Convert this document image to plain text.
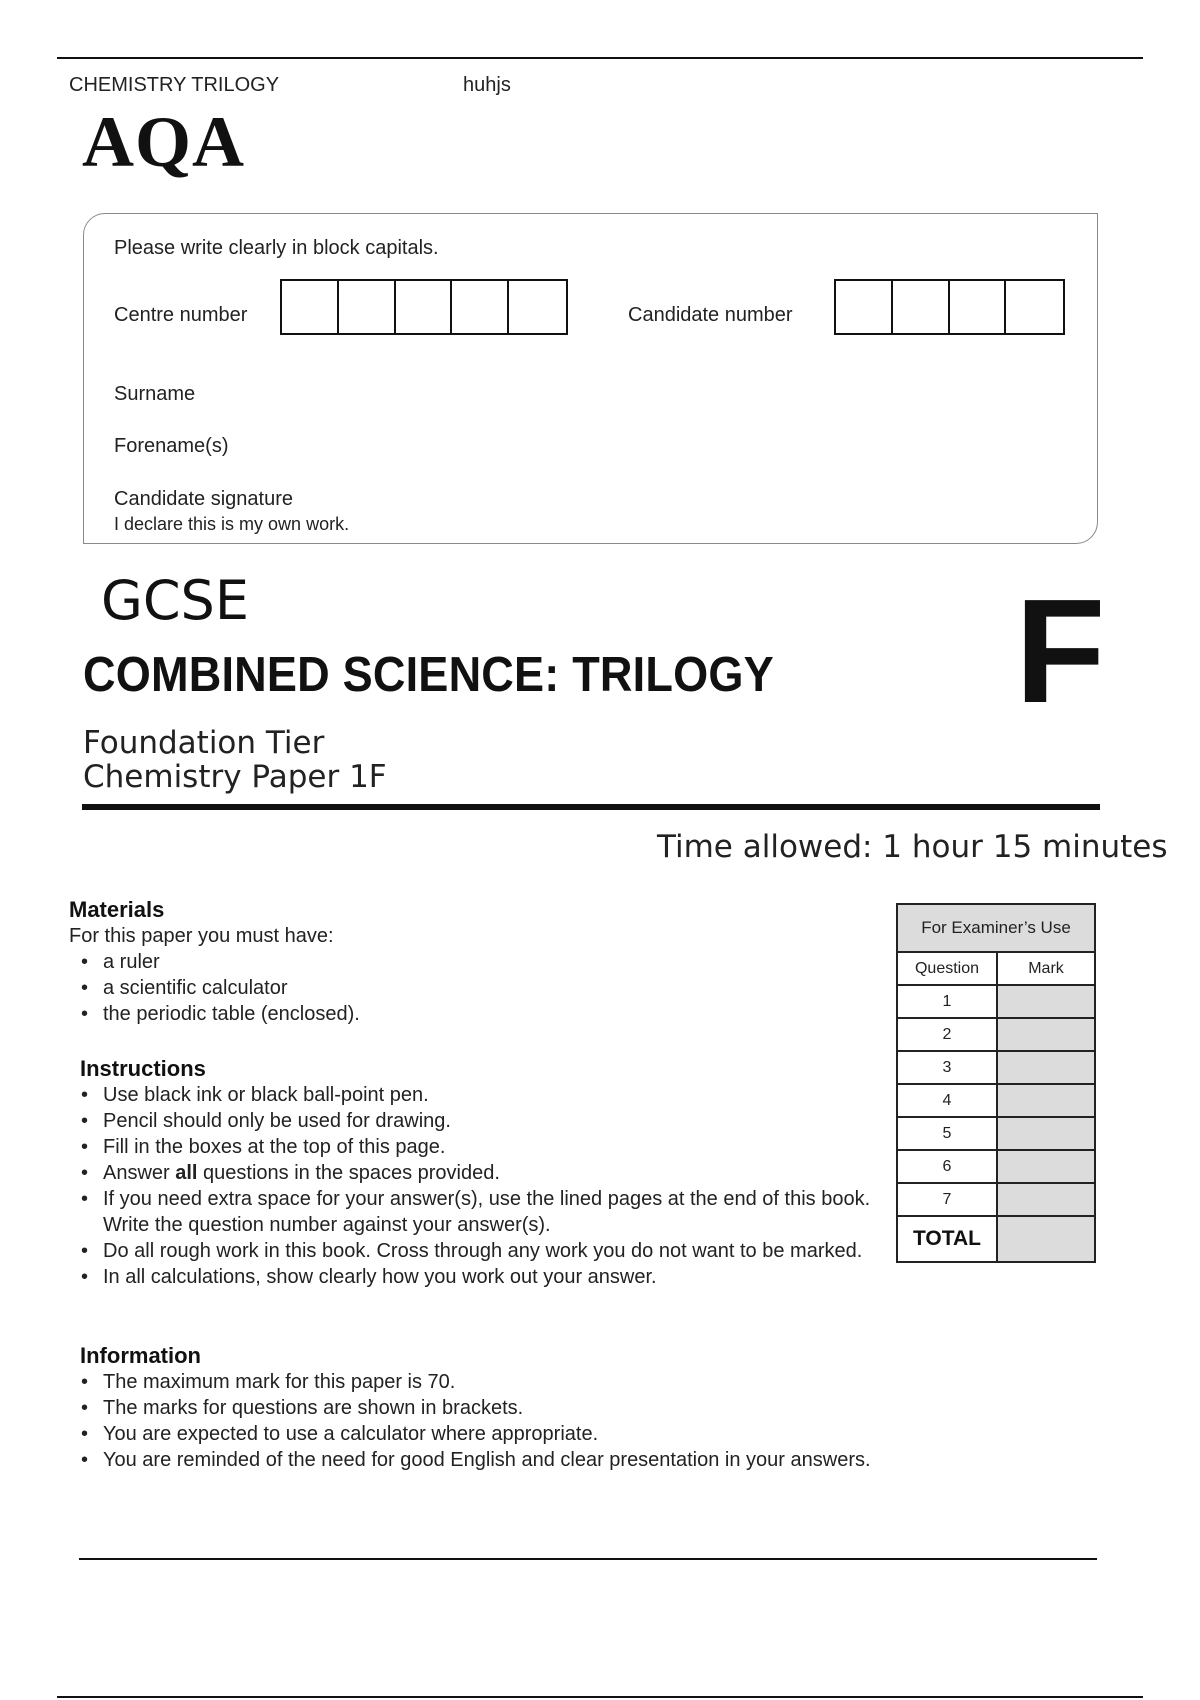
CHEMISTRY TRILOGY	huhjs
AQA
Please write clearly in block capitals.
Centre number	Candidate number
Surname
Forename(s)
Candidate signature
I declare this is my own work.
GCSE
COMBINED SCIENCE: TRILOGY F
Foundation Tier
Chemistry Paper 1F
Time allowed: 1 hour 15 minutes
Materials
For this paper you must have:
• a ruler
• a scientific calculator
• the periodic table (enclosed).
Instructions
• Use black ink or black ball-point pen.
• Pencil should only be used for drawing.
• Fill in the boxes at the top of this page.
• Answer all questions in the spaces provided.
• If you need extra space for your answer(s), use the lined pages at the end of this book. Write the question number against your answer(s).
• Do all rough work in this book. Cross through any work you do not want to be marked.
• In all calculations, show clearly how you work out your answer.
Information
• The maximum mark for this paper is 70.
• The marks for questions are shown in brackets.
• You are expected to use a calculator where appropriate.
• You are reminded of the need for good English and clear presentation in your answers.
For Examiner’s Use
Question	Mark
1
2
3
4
5
6
7
TOTAL
